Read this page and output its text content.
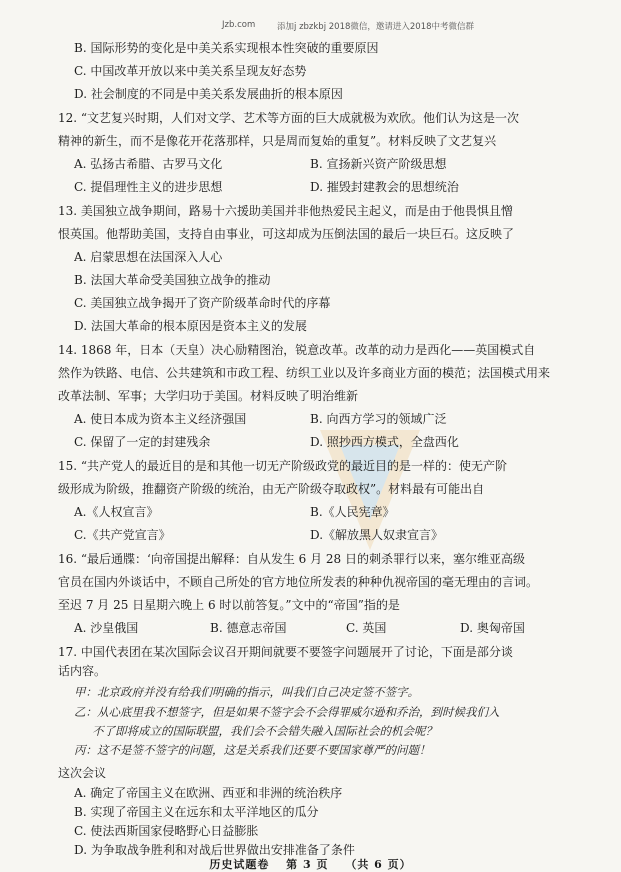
Jzb.com	添加j zbzkbj 2018微信，邀请进入2018中考微信群
B. 国际形势的变化是中美关系实现根本性突破的重要原因
C. 中国改革开放以来中美关系呈现友好态势
D. 社会制度的不同是中美关系发展曲折的根本原因
12. “文艺复兴时期，人们对文学、艺术等方面的巨大成就极为欢欣。他们认为这是一次
精神的新生，而不是像花开花落那样，只是周而复始的重复”。材料反映了文艺复兴
A. 弘扬古希腊、古罗马文化	B. 宣扬新兴资产阶级思想
C. 提倡理性主义的进步思想	D. 摧毁封建教会的思想统治
13. 美国独立战争期间，路易十六援助美国并非他热爱民主起义，而是由于他畏惧且憎
恨英国。他帮助美国，支持自由事业，可这却成为压倒法国的最后一块巨石。这反映了
A. 启蒙思想在法国深入人心
B. 法国大革命受美国独立战争的推动
C. 美国独立战争揭开了资产阶级革命时代的序幕
D. 法国大革命的根本原因是资本主义的发展
14. 1868 年，日本（天皇）决心励精图治，锐意改革。改革的动力是西化——英国模式自
然作为铁路、电信、公共建筑和市政工程、纺织工业以及许多商业方面的模范；法国模式用来
改革法制、军事；大学归功于美国。材料反映了明治维新
A. 使日本成为资本主义经济强国	B. 向西方学习的领域广泛
C. 保留了一定的封建残余	D. 照抄西方模式，全盘西化
15. “共产党人的最近目的是和其他一切无产阶级政党的最近目的是一样的：使无产阶
级形成为阶级，推翻资产阶级的统治，由无产阶级夺取政权”。材料最有可能出自
A.《人权宣言》	B.《人民宪章》
C.《共产党宣言》	D.《解放黑人奴隶宣言》
16. “最后通牒：‘向帝国提出解释：自从发生 6 月 28 日的刺杀罪行以来，塞尔维亚高级
官员在国内外谈话中，不顾自己所处的官方地位所发表的种种仇视帝国的毫无理由的言词。
至迟 7 月 25 日星期六晚上 6 时以前答复。”文中的“帝国”指的是
A. 沙皇俄国	B. 德意志帝国	C. 英国	D. 奥匈帝国
17. 中国代表团在某次国际会议召开期间就要不要签字问题展开了讨论，下面是部分谈
话内容。
甲：北京政府并没有给我们明确的指示，叫我们自己决定签不签字。
乙：从心底里我不想签字，但是如果不签字会不会得罪威尔逊和乔治，到时候我们入
不了即将成立的国际联盟，我们会不会错失融入国际社会的机会呢？
丙：这不是签不签字的问题，这是关系我们还要不要国家尊严的问题！
这次会议
A. 确定了帝国主义在欧洲、西亚和非洲的统治秩序
历史试题卷 第 3 页 （共 6 页）
B. 实现了帝国主义在远东和太平洋地区的瓜分
C. 使法西斯国家侵略野心日益膨胀
D. 为争取战争胜利和对战后世界做出安排准备了条件
